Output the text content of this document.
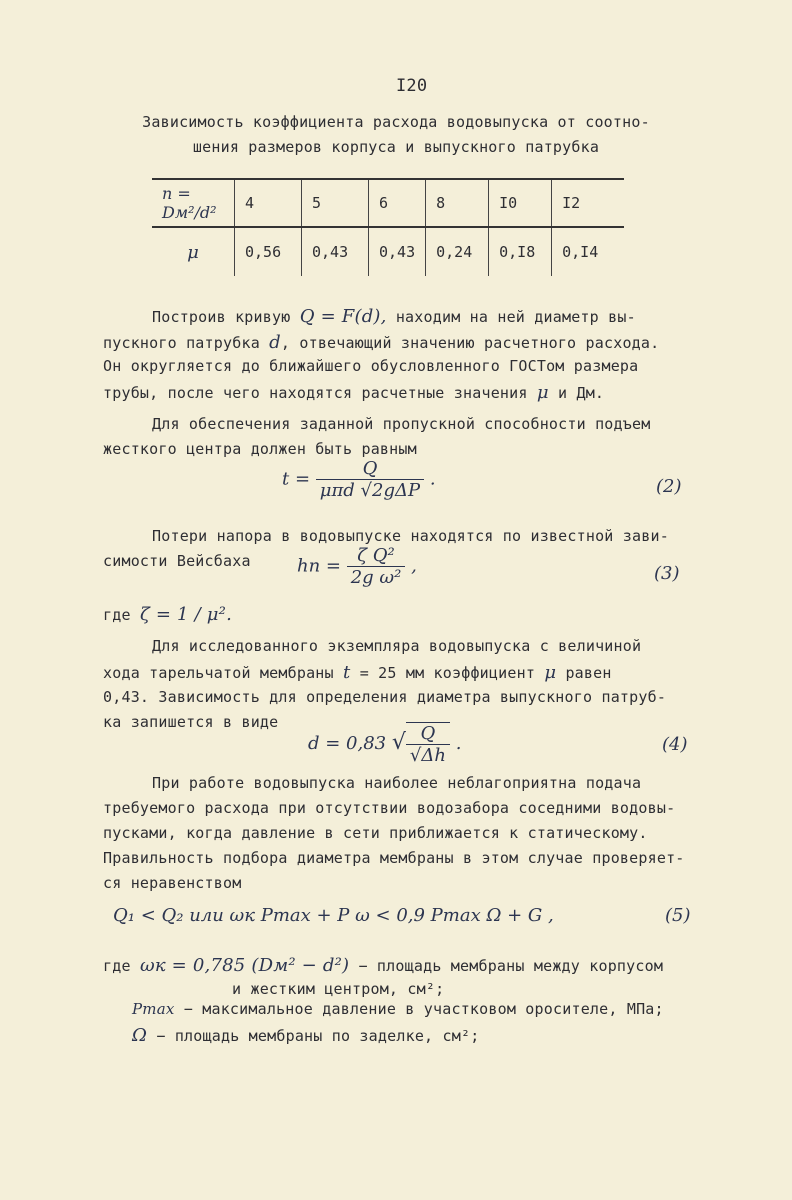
I20
Зависимость коэффициента расхода водовыпуска от соотно-
шения размеров корпуса и выпускного патрубка
n = Dм²/d²	4	5	6	8	I0	I2
μ	0,56	0,43	0,43	0,24	0,I8	0,I4
Построив кривую Q = F(d), находим на ней диаметр вы-
пускного патрубка d, отвечающий значению расчетного расхода.
Он округляется до ближайшего обусловленного ГОСТом размера
трубы, после чего находятся расчетные значения μ и Дм.
Для обеспечения заданной пропускной способности подъем
жесткого центра должен быть равным
$t = \frac{Q}{\text{μπd √2gΔP}}$ .	(2)
Потери напора в водовыпуске находятся по известной зави-
симости Вейсбаха	hп = $\frac{\text{ζ Q²}}{\text{2g ω²}}$ ,	(3)
где ζ = 1 / μ².
Для исследованного экземпляра водовыпуска с величиной
хода тарельчатой мембраны t = 25 мм коэффициент μ равен
0,43. Зависимость для определения диаметра выпускного патруб-
ка запишется в виде
d = 0,83 √ $\frac{Q}{√\Delta h}$ .	(4)
При работе водовыпуска наиболее неблагоприятна подача
требуемого расхода при отсутствии водозабора соседними водовы-
пусками, когда давление в сети приближается к статическому.
Правильность подбора диаметра мембраны в этом случае проверяет-
ся неравенством
Q₁ < Q₂ или ωк Pmax + P ω < 0,9 Pmax Ω + G ,	(5)
где ωк = 0,785 (Dм² − d²) − площадь мембраны между корпусом
и жестким центром, см²;
Pmax − максимальное давление в участковом оросителе, МПа;
Ω − площадь мембраны по заделке, см²;
